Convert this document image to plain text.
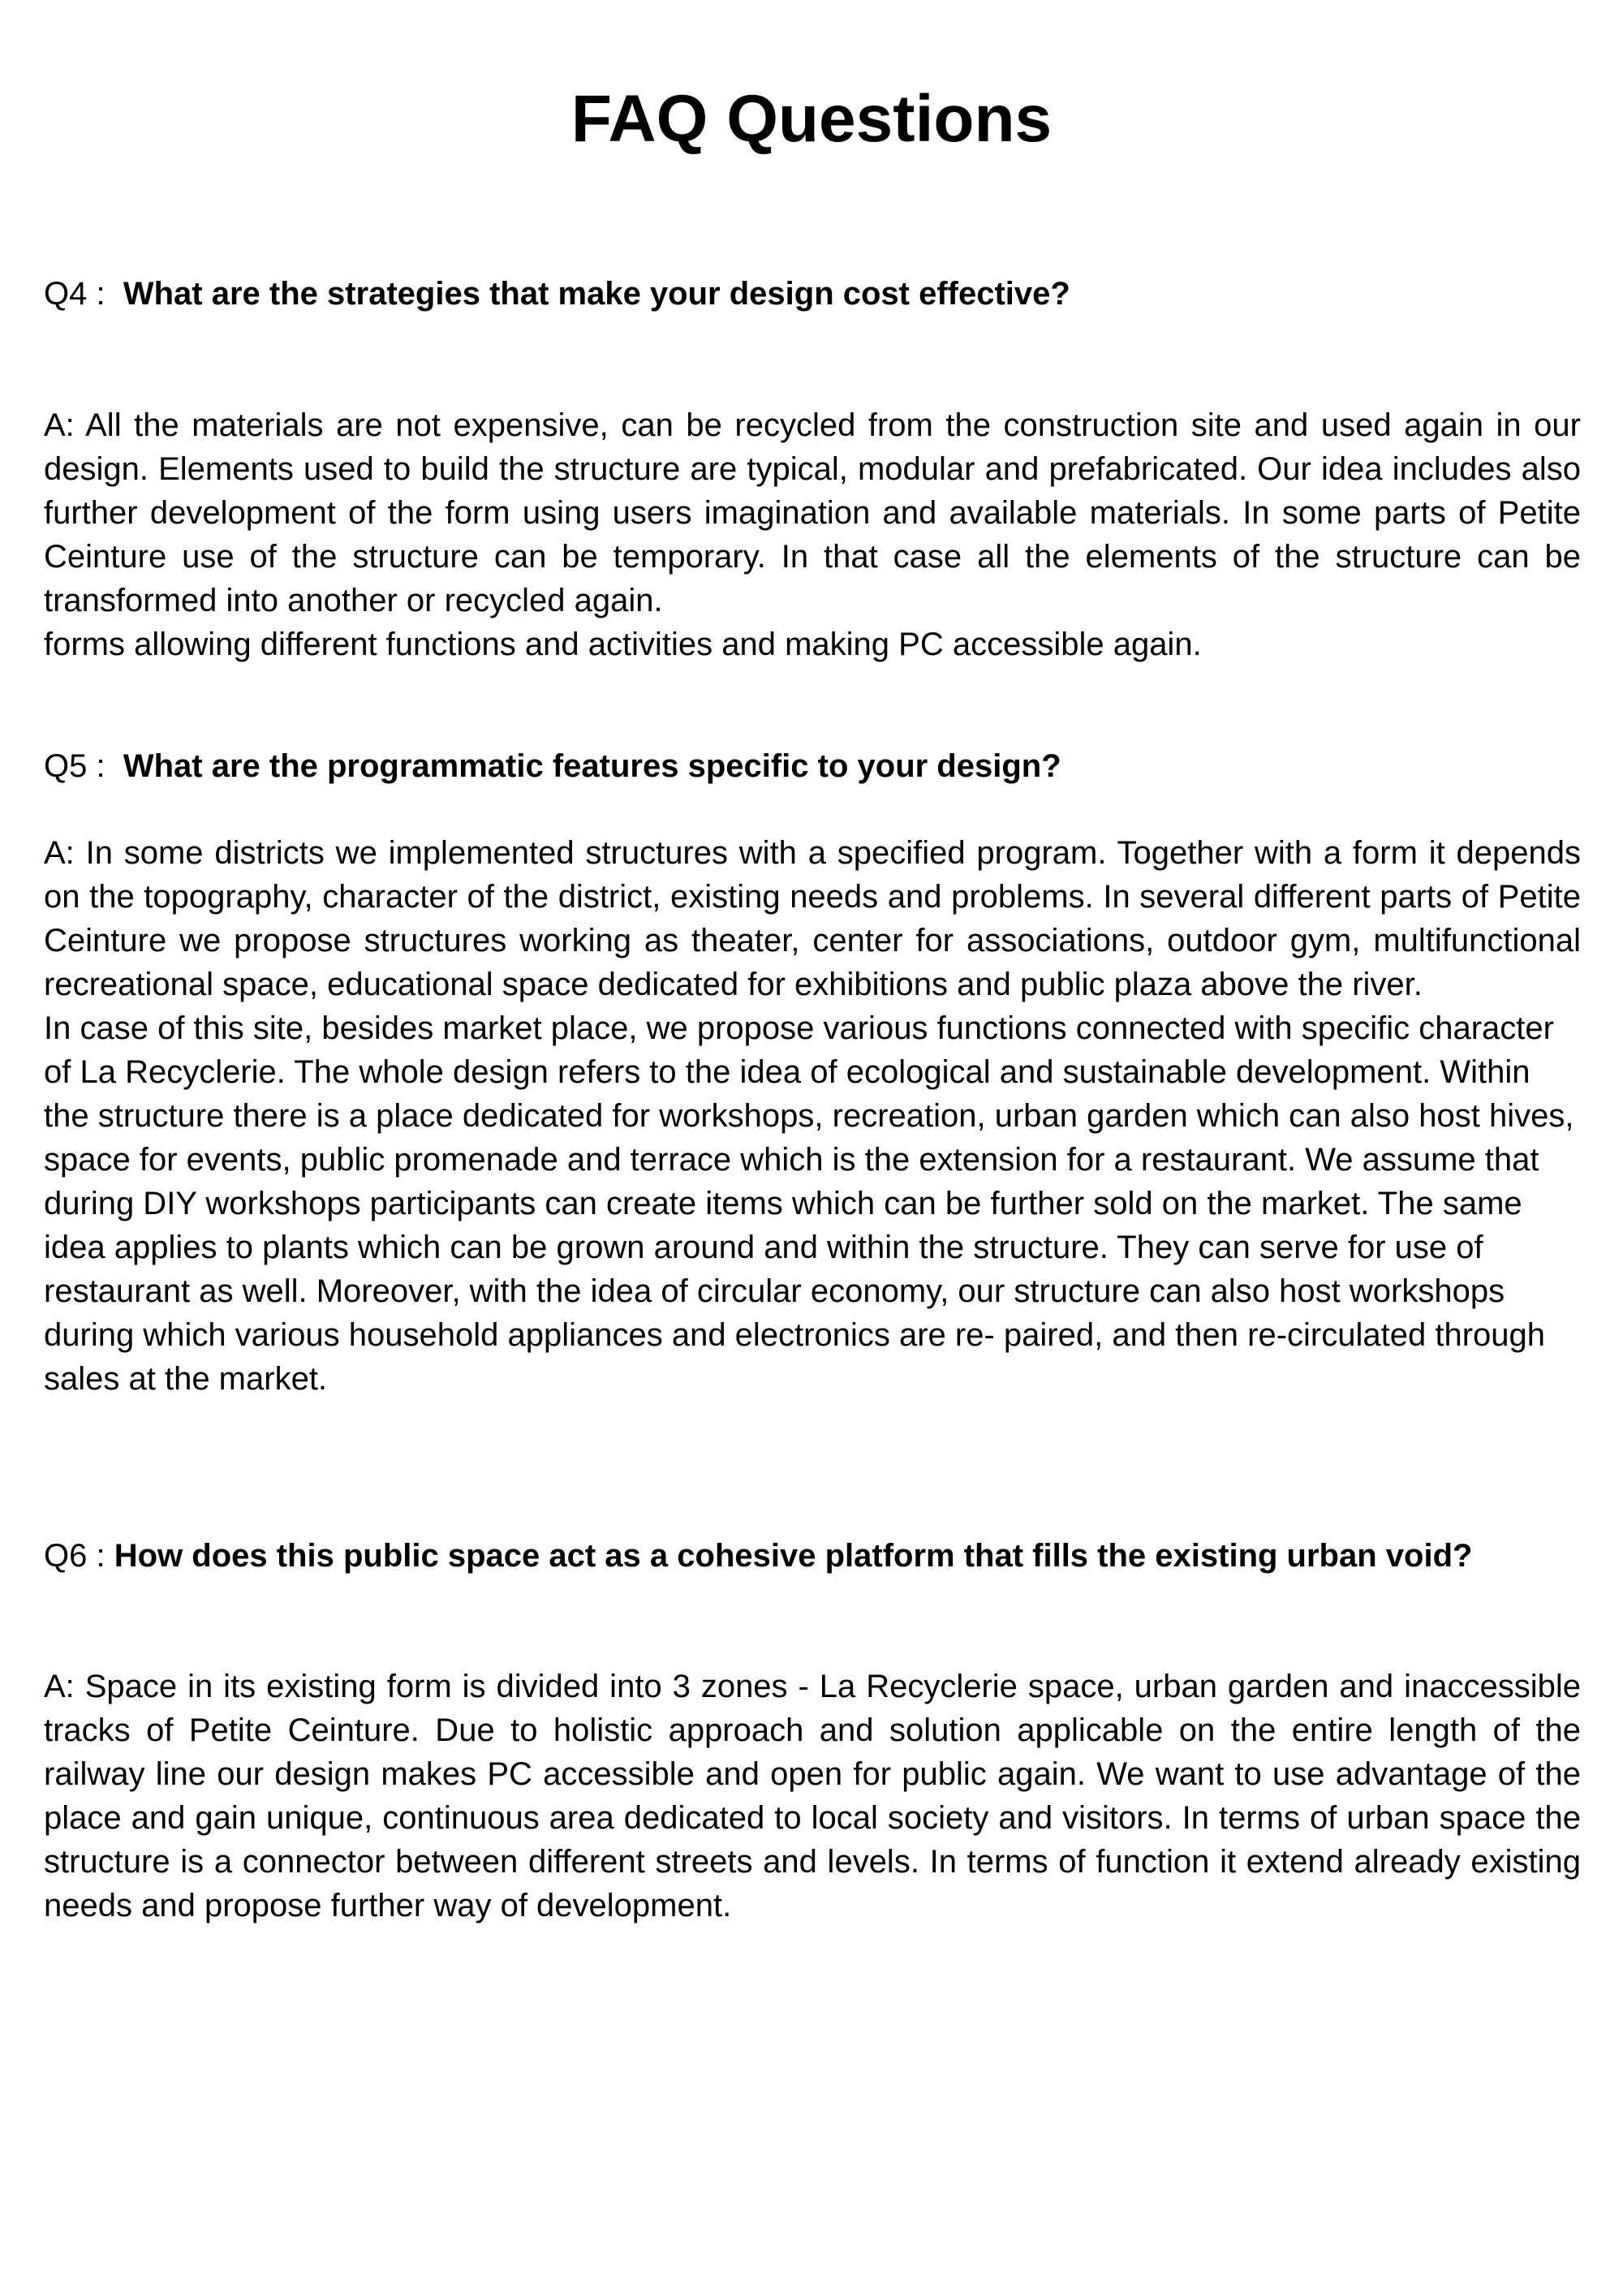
FAQ Questions
Q4 : What are the strategies that make your design cost effective?

A: All the materials are not expensive, can be recycled from the construction site and used again in our design. Elements used to build the structure are typical, modular and prefabricated. Our idea includes also further development of the form using users imagination and available materials. In some parts of Petite Ceinture use of the structure can be temporary. In that case all the elements of the structure can be transformed into another or recycled again.

forms allowing different functions and activities and making PC accessible again.

Q5 : What are the programmatic features specific to your design?

A: In some districts we implemented structures with a specified program. Together with a form it depends on the topography, character of the district, existing needs and problems. In several different parts of Petite Ceinture we propose structures working as theater, center for associations, outdoor gym, multifunctional recreational space, educational space dedicated for exhibitions and public plaza above the river.

In case of this site, besides market place, we propose various functions connected with specific character of La Recyclerie. The whole design refers to the idea of ecological and sustainable development. Within the structure there is a place dedicated for workshops, recreation, urban garden which can also host hives, space for events, public promenade and terrace which is the extension for a restaurant. We assume that during DIY workshops participants can create items which can be further sold on the market. The same idea applies to plants which can be grown around and within the structure. They can serve for use of restaurant as well. Moreover, with the idea of circular economy, our structure can also host workshops during which various household appliances and electronics are re- paired, and then re-circulated through sales at the market.

Q6 : How does this public space act as a cohesive platform that fills the existing urban void?

A: Space in its existing form is divided into 3 zones - La Recyclerie space, urban garden and inaccessible tracks of Petite Ceinture. Due to holistic approach and solution applicable on the entire length of the railway line our design makes PC accessible and open for public again. We want to use advantage of the place and gain unique, continuous area dedicated to local society and visitors. In terms of urban space the structure is a connector between different streets and levels. In terms of function it extend already existing needs and propose further way of development.
